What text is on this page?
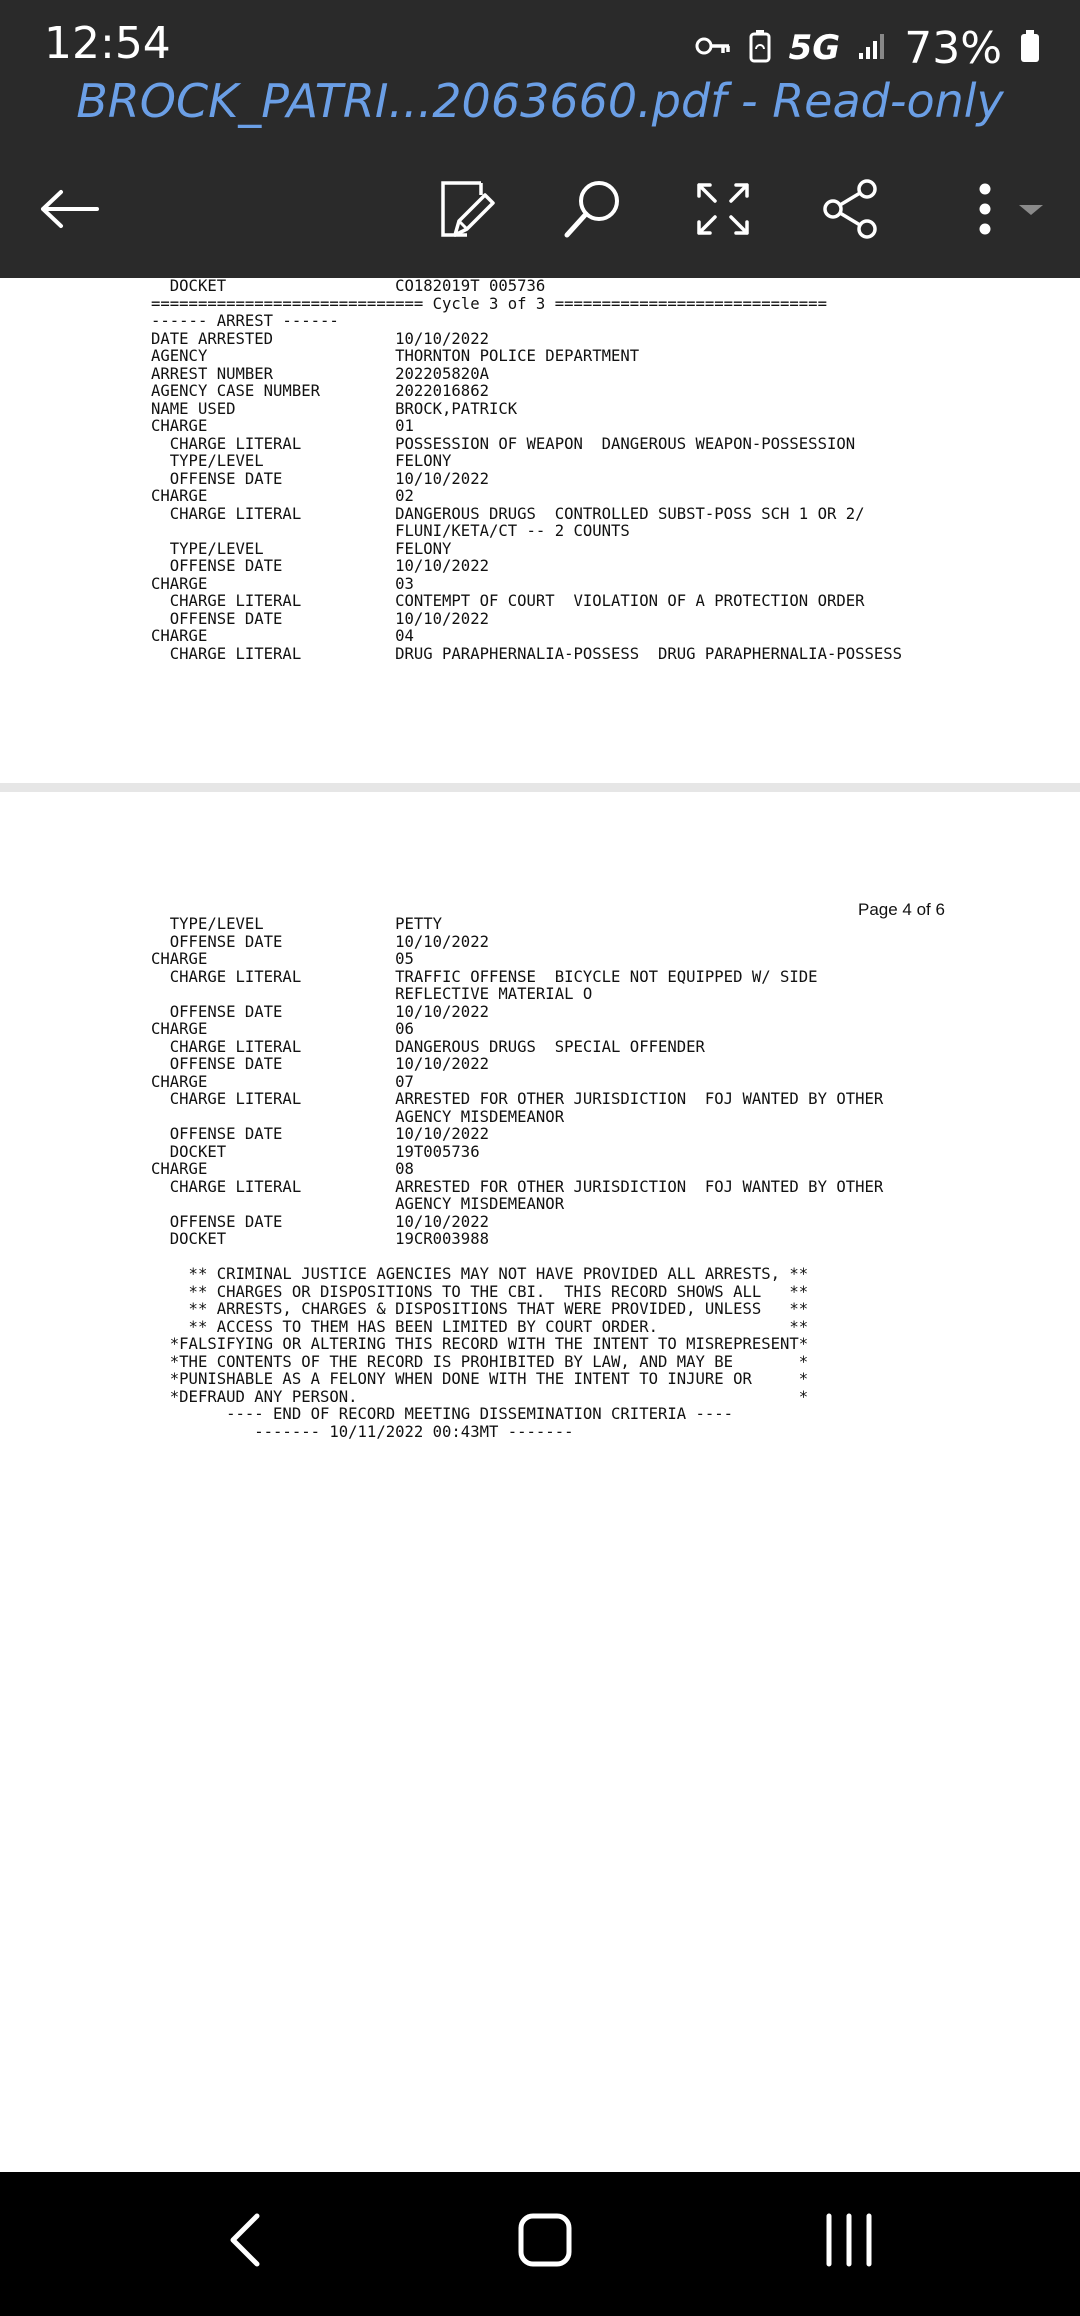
12:54	5G 73%
BROCK_PATRI...2063660.pdf - Read-only
DOCKET                  CO182019T 005736
============================= Cycle 3 of 3 =============================
------ ARREST ------
DATE ARRESTED             10/10/2022
AGENCY                    THORNTON POLICE DEPARTMENT
ARREST NUMBER             202205820A
AGENCY CASE NUMBER        2022016862
NAME USED                 BROCK,PATRICK
CHARGE                    01
CHARGE LITERAL          POSSESSION OF WEAPON  DANGEROUS WEAPON-POSSESSION
TYPE/LEVEL              FELONY
OFFENSE DATE            10/10/2022
CHARGE                    02
CHARGE LITERAL          DANGEROUS DRUGS  CONTROLLED SUBST-POSS SCH 1 OR 2/
FLUNI/KETA/CT -- 2 COUNTS
TYPE/LEVEL              FELONY
OFFENSE DATE            10/10/2022
CHARGE                    03
CHARGE LITERAL          CONTEMPT OF COURT  VIOLATION OF A PROTECTION ORDER
OFFENSE DATE            10/10/2022
CHARGE                    04
CHARGE LITERAL          DRUG PARAPHERNALIA-POSSESS  DRUG PARAPHERNALIA-POSSESS
Page 4 of 6
TYPE/LEVEL              PETTY
OFFENSE DATE            10/10/2022
CHARGE                    05
CHARGE LITERAL          TRAFFIC OFFENSE  BICYCLE NOT EQUIPPED W/ SIDE
REFLECTIVE MATERIAL O
OFFENSE DATE            10/10/2022
CHARGE                    06
CHARGE LITERAL          DANGEROUS DRUGS  SPECIAL OFFENDER
OFFENSE DATE            10/10/2022
CHARGE                    07
CHARGE LITERAL          ARRESTED FOR OTHER JURISDICTION  FOJ WANTED BY OTHER
AGENCY MISDEMEANOR
OFFENSE DATE            10/10/2022
DOCKET                  19T005736
CHARGE                    08
CHARGE LITERAL          ARRESTED FOR OTHER JURISDICTION  FOJ WANTED BY OTHER
AGENCY MISDEMEANOR
OFFENSE DATE            10/10/2022
DOCKET                  19CR003988

** CRIMINAL JUSTICE AGENCIES MAY NOT HAVE PROVIDED ALL ARRESTS, **
** CHARGES OR DISPOSITIONS TO THE CBI.  THIS RECORD SHOWS ALL   **
** ARRESTS, CHARGES & DISPOSITIONS THAT WERE PROVIDED, UNLESS   **
** ACCESS TO THEM HAS BEEN LIMITED BY COURT ORDER.              **
*FALSIFYING OR ALTERING THIS RECORD WITH THE INTENT TO MISREPRESENT*
*THE CONTENTS OF THE RECORD IS PROHIBITED BY LAW, AND MAY BE       *
*PUNISHABLE AS A FELONY WHEN DONE WITH THE INTENT TO INJURE OR     *
*DEFRAUD ANY PERSON.                                               *
---- END OF RECORD MEETING DISSEMINATION CRITERIA ----
------- 10/11/2022 00:43MT -------
